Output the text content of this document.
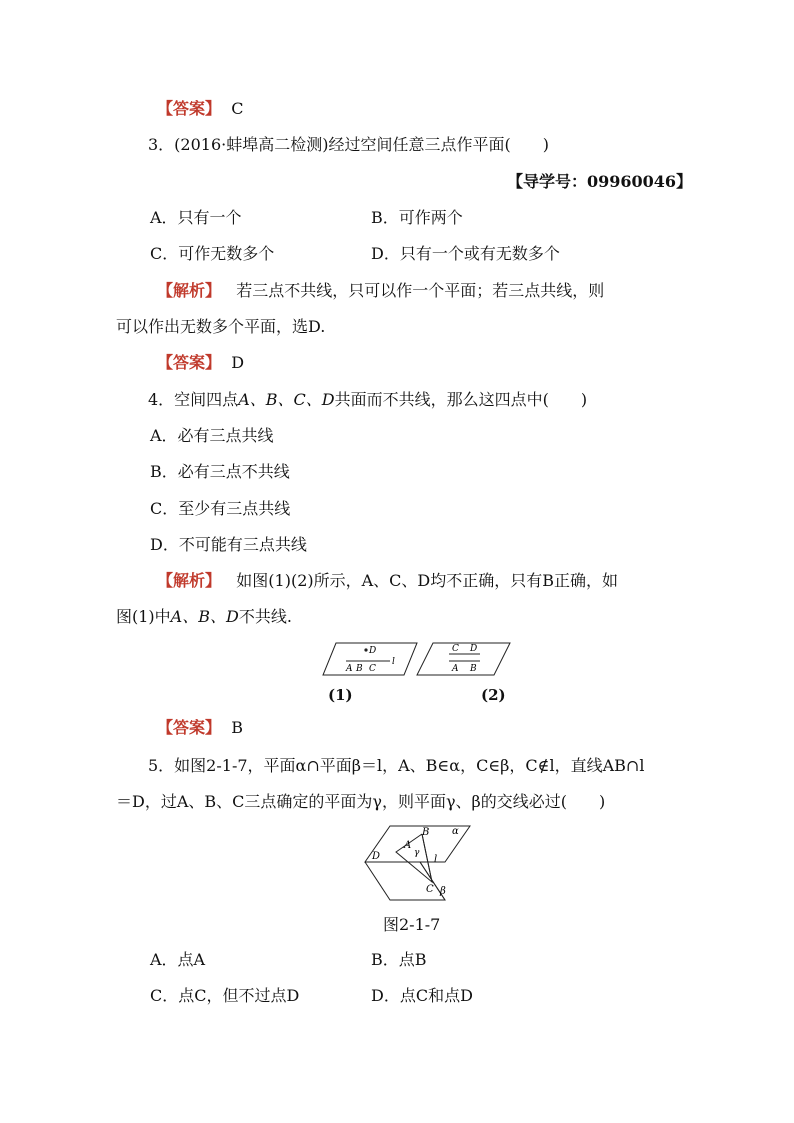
【答案】 C
3．(2016·蚌埠高二检测)经过空间任意三点作平面(　　)
【导学号：09960046】
A．只有一个	B．可作两个
C．可作无数多个	D．只有一个或有无数多个
【解析】 若三点不共线，只可以作一个平面；若三点共线，则
可以作出无数多个平面，选D.
【答案】 D
4．空间四点A、B、C、D共面而不共线，那么这四点中(　　)
A．必有三点共线
B．必有三点不共线
C．至少有三点共线
D．不可能有三点共线
【解析】 如图(1)(2)所示，A、C、D均不正确，只有B正确，如
图(1)中A、B、D不共线.
D
A B C
l
C D
A B
(1)	(2)
【答案】 B
5．如图2-1-7，平面α∩平面β＝l，A、B∈α，C∈β，C∉l，直线AB∩l
＝D，过A、B、C三点确定的平面为γ，则平面γ、β的交线必过(　　)
B α
A
γ
D	l
C β
图2-1-7
A．点A	B．点B
C．点C，但不过点D	D．点C和点D
